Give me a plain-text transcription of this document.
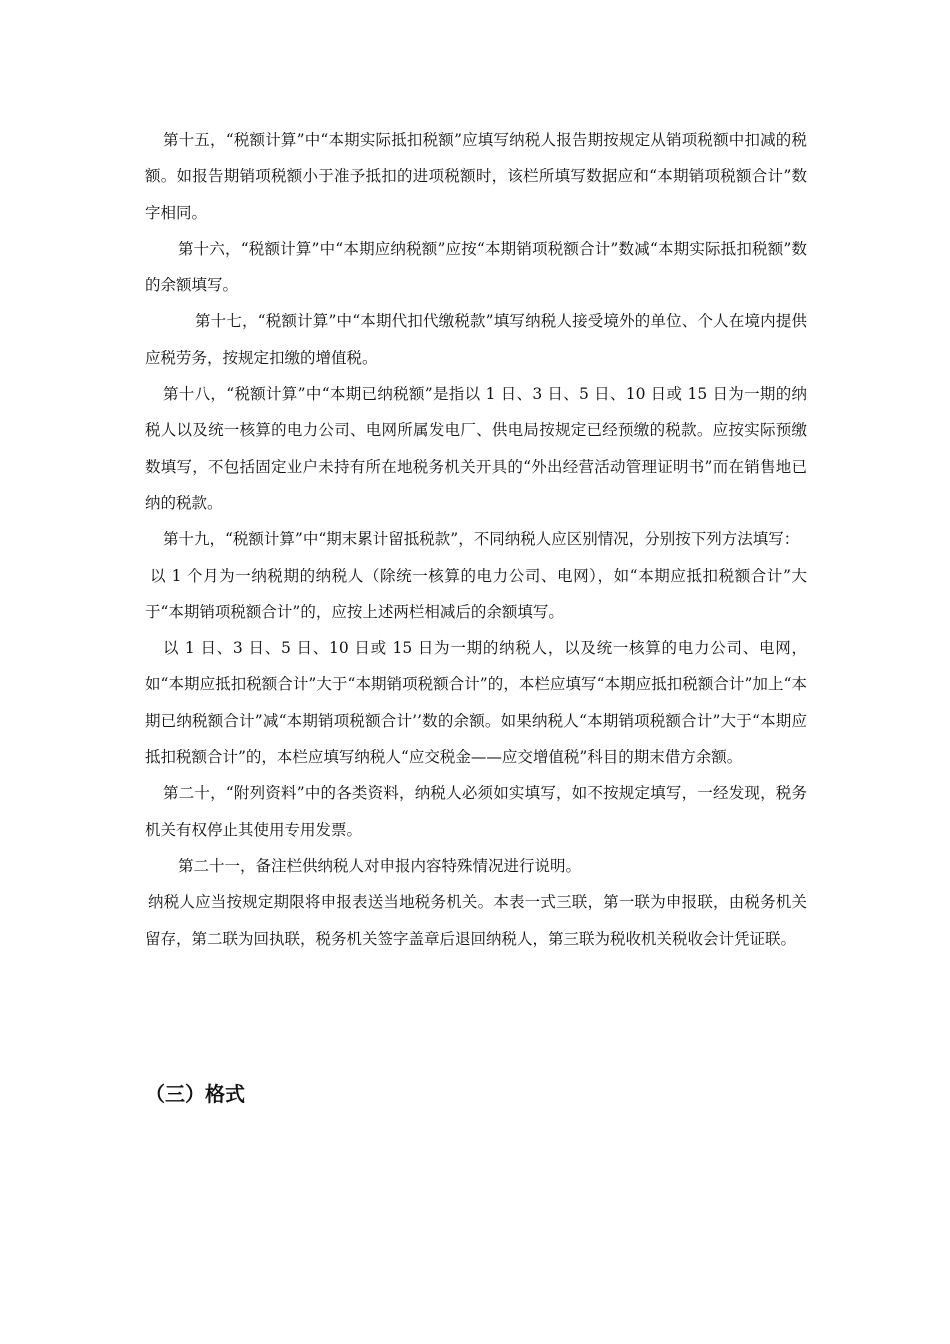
第十五，“税额计算”中“本期实际抵扣税额”应填写纳税人报告期按规定从销项税额中扣减的税额。如报告期销项税额小于准予抵扣的进项税额时，该栏所填写数据应和“本期销项税额合计”数字相同。

第十六，“税额计算”中“本期应纳税额”应按“本期销项税额合计”数减“本期实际抵扣税额”数的余额填写。

第十七，“税额计算”中“本期代扣代缴税款”填写纳税人接受境外的单位、个人在境内提供应税劳务，按规定扣缴的增值税。

第十八，“税额计算”中“本期已纳税额”是指以 1 日、3 日、5 日、10 日或 15 日为一期的纳税人以及统一核算的电力公司、电网所属发电厂、供电局按规定已经预缴的税款。应按实际预缴数填写，不包括固定业户未持有所在地税务机关开具的“外出经营活动管理证明书”而在销售地已纳的税款。

第十九，“税额计算”中“期末累计留抵税款”，不同纳税人应区别情况，分别按下列方法填写：

以 1 个月为一纳税期的纳税人（除统一核算的电力公司、电网），如“本期应抵扣税额合计”大于“本期销项税额合计”的，应按上述两栏相减后的余额填写。

以 1 日、3 日、5 日、10 日或 15 日为一期的纳税人，以及统一核算的电力公司、电网，如“本期应抵扣税额合计”大于“本期销项税额合计”的，本栏应填写“本期应抵扣税额合计”加上“本期已纳税额合计”减“本期销项税额合计’’数的余额。如果纳税人“本期销项税额合计”大于“本期应抵扣税额合计”的，本栏应填写纳税人“应交税金——应交增值税”科目的期末借方余额。

第二十，“附列资料”中的各类资料，纳税人必须如实填写，如不按规定填写，一经发现，税务机关有权停止其使用专用发票。

第二十一，备注栏供纳税人对申报内容特殊情况进行说明。

纳税人应当按规定期限将申报表送当地税务机关。本表一式三联，第一联为申报联，由税务机关留存，第二联为回执联，税务机关签字盖章后退回纳税人，第三联为税收机关税收会计凭证联。

（三）格式
